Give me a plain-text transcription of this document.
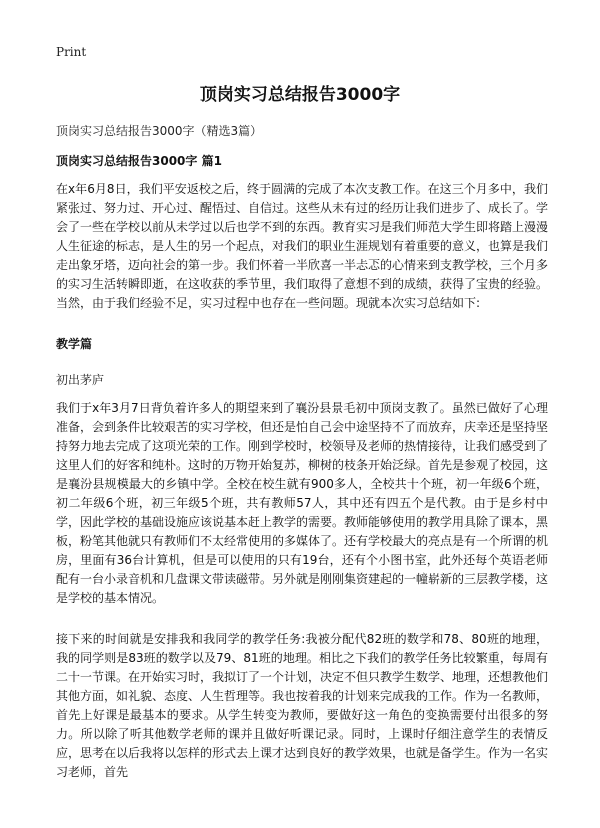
Print
顶岗实习总结报告3000字

顶岗实习总结报告3000字（精选3篇）

顶岗实习总结报告3000字 篇1

在x年6月8日，我们平安返校之后，终于圆满的完成了本次支教工作。在这三个月多中，我们紧张过、努力过、开心过、醒悟过、自信过。这些从未有过的经历让我们进步了、成长了。学会了一些在学校以前从未学过以后也学不到的东西。教育实习是我们师范大学生即将踏上漫漫人生征途的标志，是人生的另一个起点，对我们的职业生涯规划有着重要的意义，也算是我们走出象牙塔，迈向社会的第一步。我们怀着一半欣喜一半忐忑的心情来到支教学校，三个月多的实习生活转瞬即逝，在这收获的季节里，我们取得了意想不到的成绩，获得了宝贵的经验。当然，由于我们经验不足，实习过程中也存在一些问题。现就本次实习总结如下:

教学篇

初出茅庐

我们于x年3月7日背负着许多人的期望来到了襄汾县景毛初中顶岗支教了。虽然已做好了心理准备，会到条件比较艰苦的实习学校，但还是怕自己会中途坚持不了而放弃，庆幸还是坚持坚持努力地去完成了这项光荣的工作。刚到学校时，校领导及老师的热情接待，让我们感受到了这里人们的好客和纯朴。这时的万物开始复苏，柳树的枝条开始泛绿。首先是参观了校园，这是襄汾县规模最大的乡镇中学。全校在校生就有900多人，全校共十个班，初一年级6个班，初二年级6个班，初三年级5个班，共有教师57人，其中还有四五个是代教。由于是乡村中学，因此学校的基础设施应该说基本赶上教学的需要。教师能够使用的教学用具除了课本，黑板，粉笔其他就只有教师们不太经常使用的多媒体了。还有学校最大的亮点是有一个所谓的机房，里面有36台计算机，但是可以使用的只有19台，还有个小图书室，此外还每个英语老师配有一台小录音机和几盘课文带读磁带。另外就是刚刚集资建起的一幢崭新的三层教学楼，这是学校的基本情况。

接下来的时间就是安排我和我同学的教学任务:我被分配代82班的数学和78、80班的地理，我的同学则是83班的数学以及79、81班的地理。相比之下我们的教学任务比较繁重，每周有二十一节课。在开始实习时，我拟订了一个计划，决定不但只教学生数学、地理，还想教他们其他方面，如礼貌、态度、人生哲理等。我也按着我的计划来完成我的工作。作为一名教师，首先上好课是最基本的要求。从学生转变为教师，要做好这一角色的变换需要付出很多的努力。所以除了听其他数学老师的课并且做好听课记录。同时，上课时仔细注意学生的表情反应，思考在以后我将以怎样的形式去上课才达到良好的教学效果，也就是备学生。作为一名实习老师，首先
